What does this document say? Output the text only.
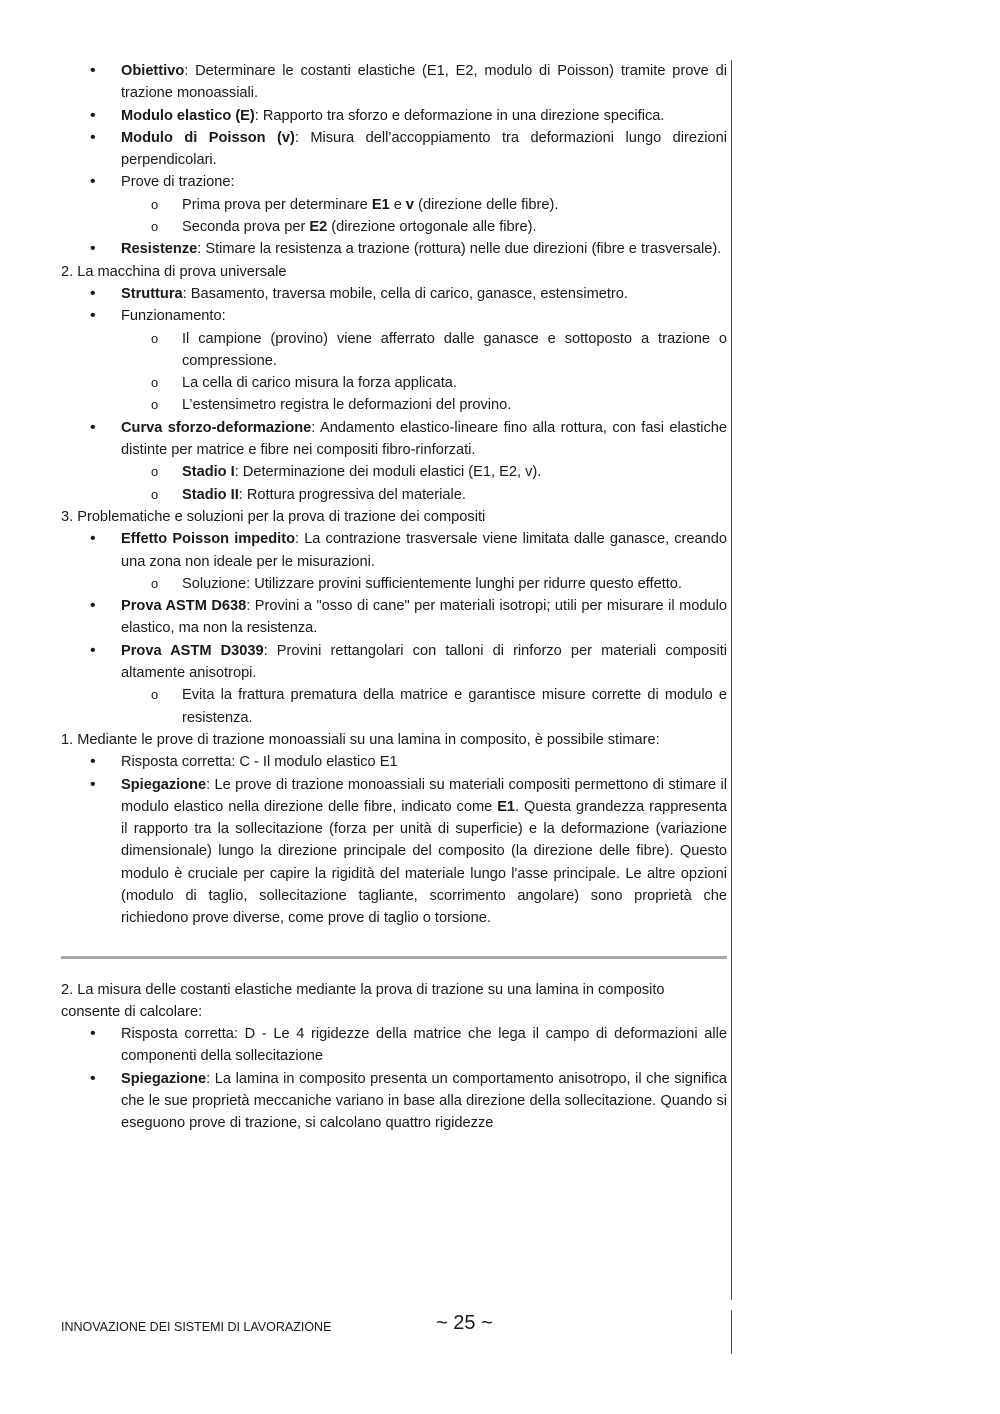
• Obiettivo: Determinare le costanti elastiche (E1, E2, modulo di Poisson) tramite prove di trazione monoassiali.
• Modulo elastico (E): Rapporto tra sforzo e deformazione in una direzione specifica.
• Modulo di Poisson (v): Misura dell’accoppiamento tra deformazioni lungo direzioni perpendicolari.
• Prove di trazione:
o Prima prova per determinare E1 e v (direzione delle fibre).
o Seconda prova per E2 (direzione ortogonale alle fibre).
• Resistenze: Stimare la resistenza a trazione (rottura) nelle due direzioni (fibre e trasversale).

2. La macchina di prova universale

• Struttura: Basamento, traversa mobile, cella di carico, ganasce, estensimetro.
• Funzionamento:
o Il campione (provino) viene afferrato dalle ganasce e sottoposto a trazione o compressione.
o La cella di carico misura la forza applicata.
o L’estensimetro registra le deformazioni del provino.
• Curva sforzo-deformazione: Andamento elastico-lineare fino alla rottura, con fasi elastiche distinte per matrice e fibre nei compositi fibro-rinforzati.
o Stadio I: Determinazione dei moduli elastici (E1, E2, v).
o Stadio II: Rottura progressiva del materiale.

3. Problematiche e soluzioni per la prova di trazione dei compositi

• Effetto Poisson impedito: La contrazione trasversale viene limitata dalle ganasce, creando una zona non ideale per le misurazioni.
o Soluzione: Utilizzare provini sufficientemente lunghi per ridurre questo effetto.
• Prova ASTM D638: Provini a "osso di cane" per materiali isotropi; utili per misurare il modulo elastico, ma non la resistenza.
• Prova ASTM D3039: Provini rettangolari con talloni di rinforzo per materiali compositi altamente anisotropi.
o Evita la frattura prematura della matrice e garantisce misure corrette di modulo e resistenza.

1. Mediante le prove di trazione monoassiali su una lamina in composito, è possibile stimare:

• Risposta corretta: C - Il modulo elastico E1
• Spiegazione: Le prove di trazione monoassiali su materiali compositi permettono di stimare il modulo elastico nella direzione delle fibre, indicato come E1. Questa grandezza rappresenta il rapporto tra la sollecitazione (forza per unità di superficie) e la deformazione (variazione dimensionale) lungo la direzione principale del composito (la direzione delle fibre). Questo modulo è cruciale per capire la rigidità del materiale lungo l'asse principale. Le altre opzioni (modulo di taglio, sollecitazione tagliante, scorrimento angolare) sono proprietà che richiedono prove diverse, come prove di taglio o torsione.

2. La misura delle costanti elastiche mediante la prova di trazione su una lamina in composito consente di calcolare:

• Risposta corretta: D - Le 4 rigidezze della matrice che lega il campo di deformazioni alle componenti della sollecitazione
• Spiegazione: La lamina in composito presenta un comportamento anisotropo, il che significa che le sue proprietà meccaniche variano in base alla direzione della sollecitazione. Quando si eseguono prove di trazione, si calcolano quattro rigidezze
INNOVAZIONE DEI SISTEMI DI LAVORAZIONE	~ 25 ~
